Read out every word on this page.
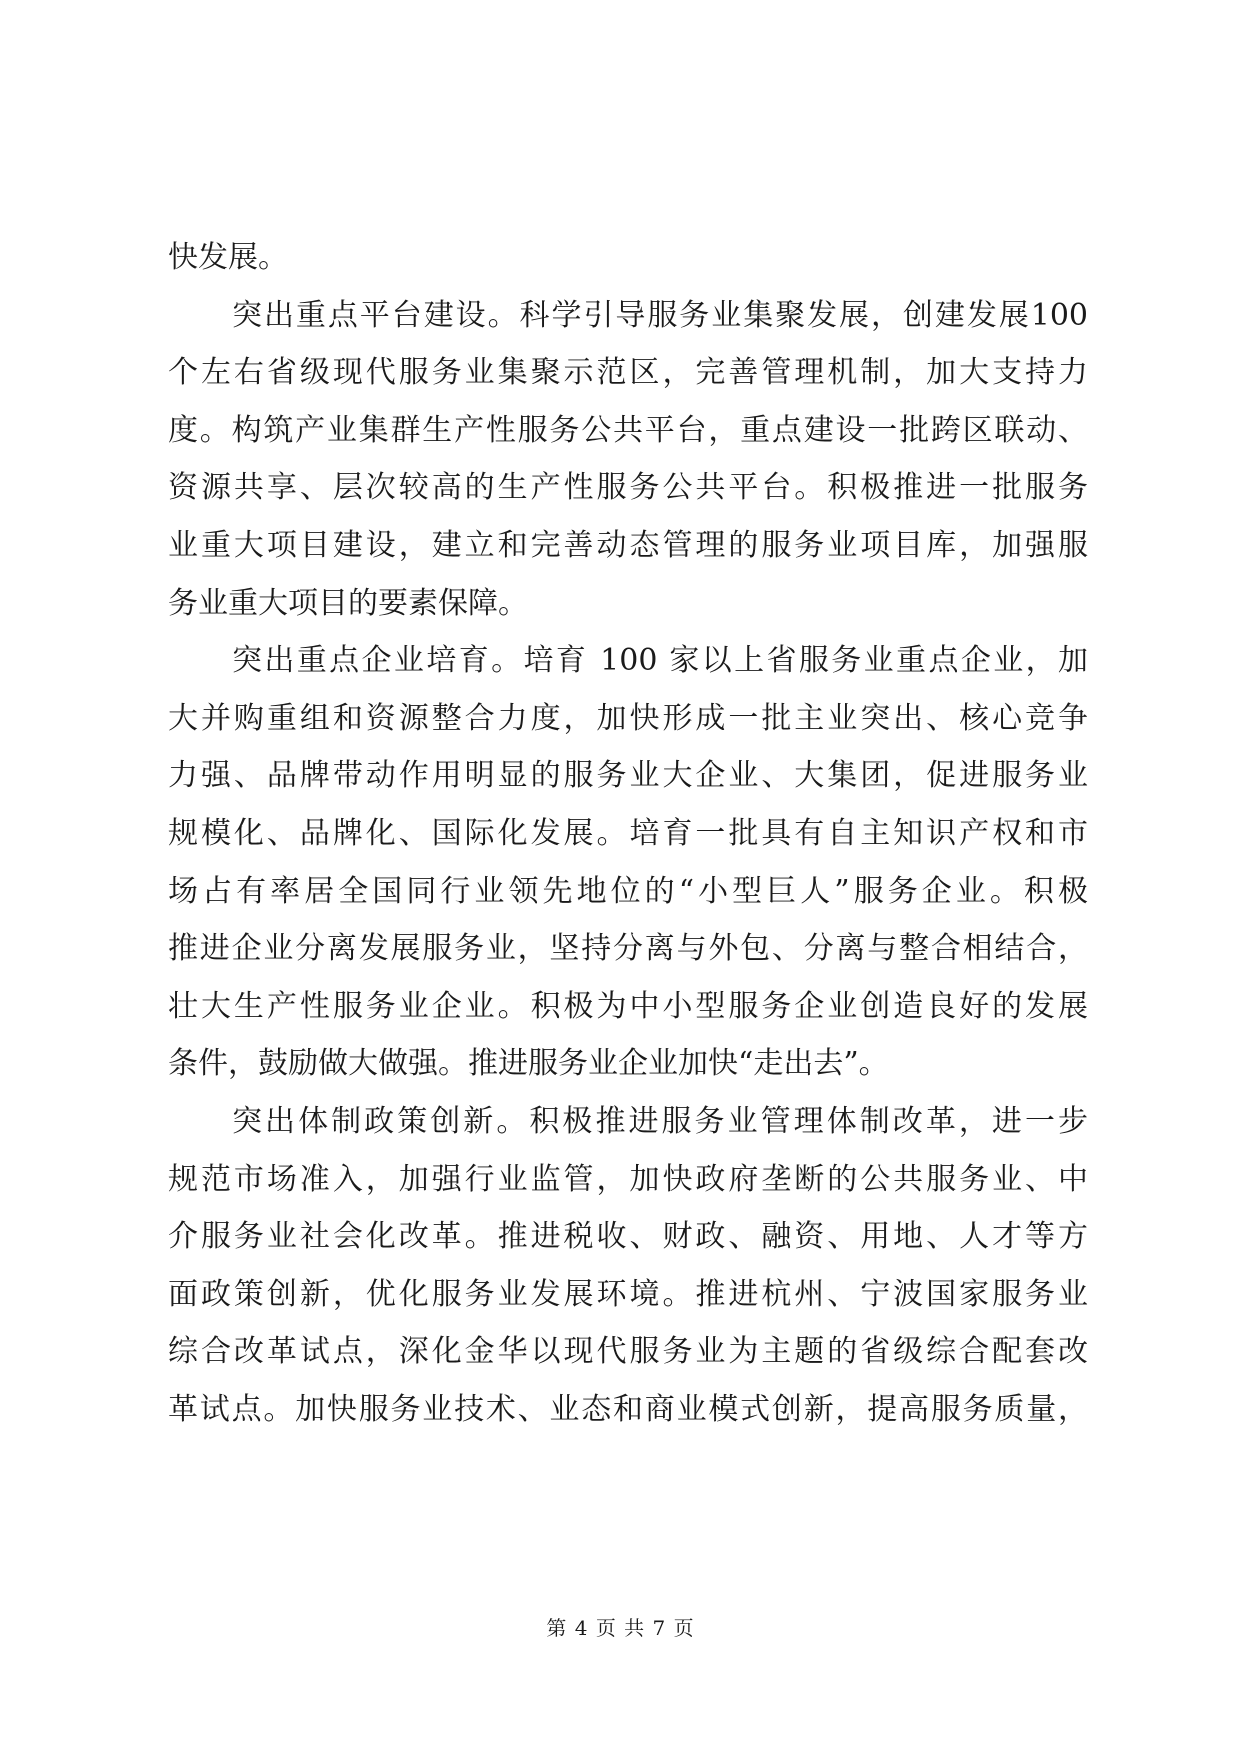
快发展。
突出重点平台建设。科学引导服务业集聚发展，创建发展100
个左右省级现代服务业集聚示范区，完善管理机制，加大支持力
度。构筑产业集群生产性服务公共平台，重点建设一批跨区联动、
资源共享、层次较高的生产性服务公共平台。积极推进一批服务
业重大项目建设，建立和完善动态管理的服务业项目库，加强服
务业重大项目的要素保障。
突出重点企业培育。培育 100 家以上省服务业重点企业，加
大并购重组和资源整合力度，加快形成一批主业突出、核心竞争
力强、品牌带动作用明显的服务业大企业、大集团，促进服务业
规模化、品牌化、国际化发展。培育一批具有自主知识产权和市
场占有率居全国同行业领先地位的“小型巨人”服务企业。积极
推进企业分离发展服务业，坚持分离与外包、分离与整合相结合，
壮大生产性服务业企业。积极为中小型服务企业创造良好的发展
条件，鼓励做大做强。推进服务业企业加快“走出去”。
突出体制政策创新。积极推进服务业管理体制改革，进一步
规范市场准入，加强行业监管，加快政府垄断的公共服务业、中
介服务业社会化改革。推进税收、财政、融资、用地、人才等方
面政策创新，优化服务业发展环境。推进杭州、宁波国家服务业
综合改革试点，深化金华以现代服务业为主题的省级综合配套改
革试点。加快服务业技术、业态和商业模式创新，提高服务质量，
第 4 页 共 7 页
